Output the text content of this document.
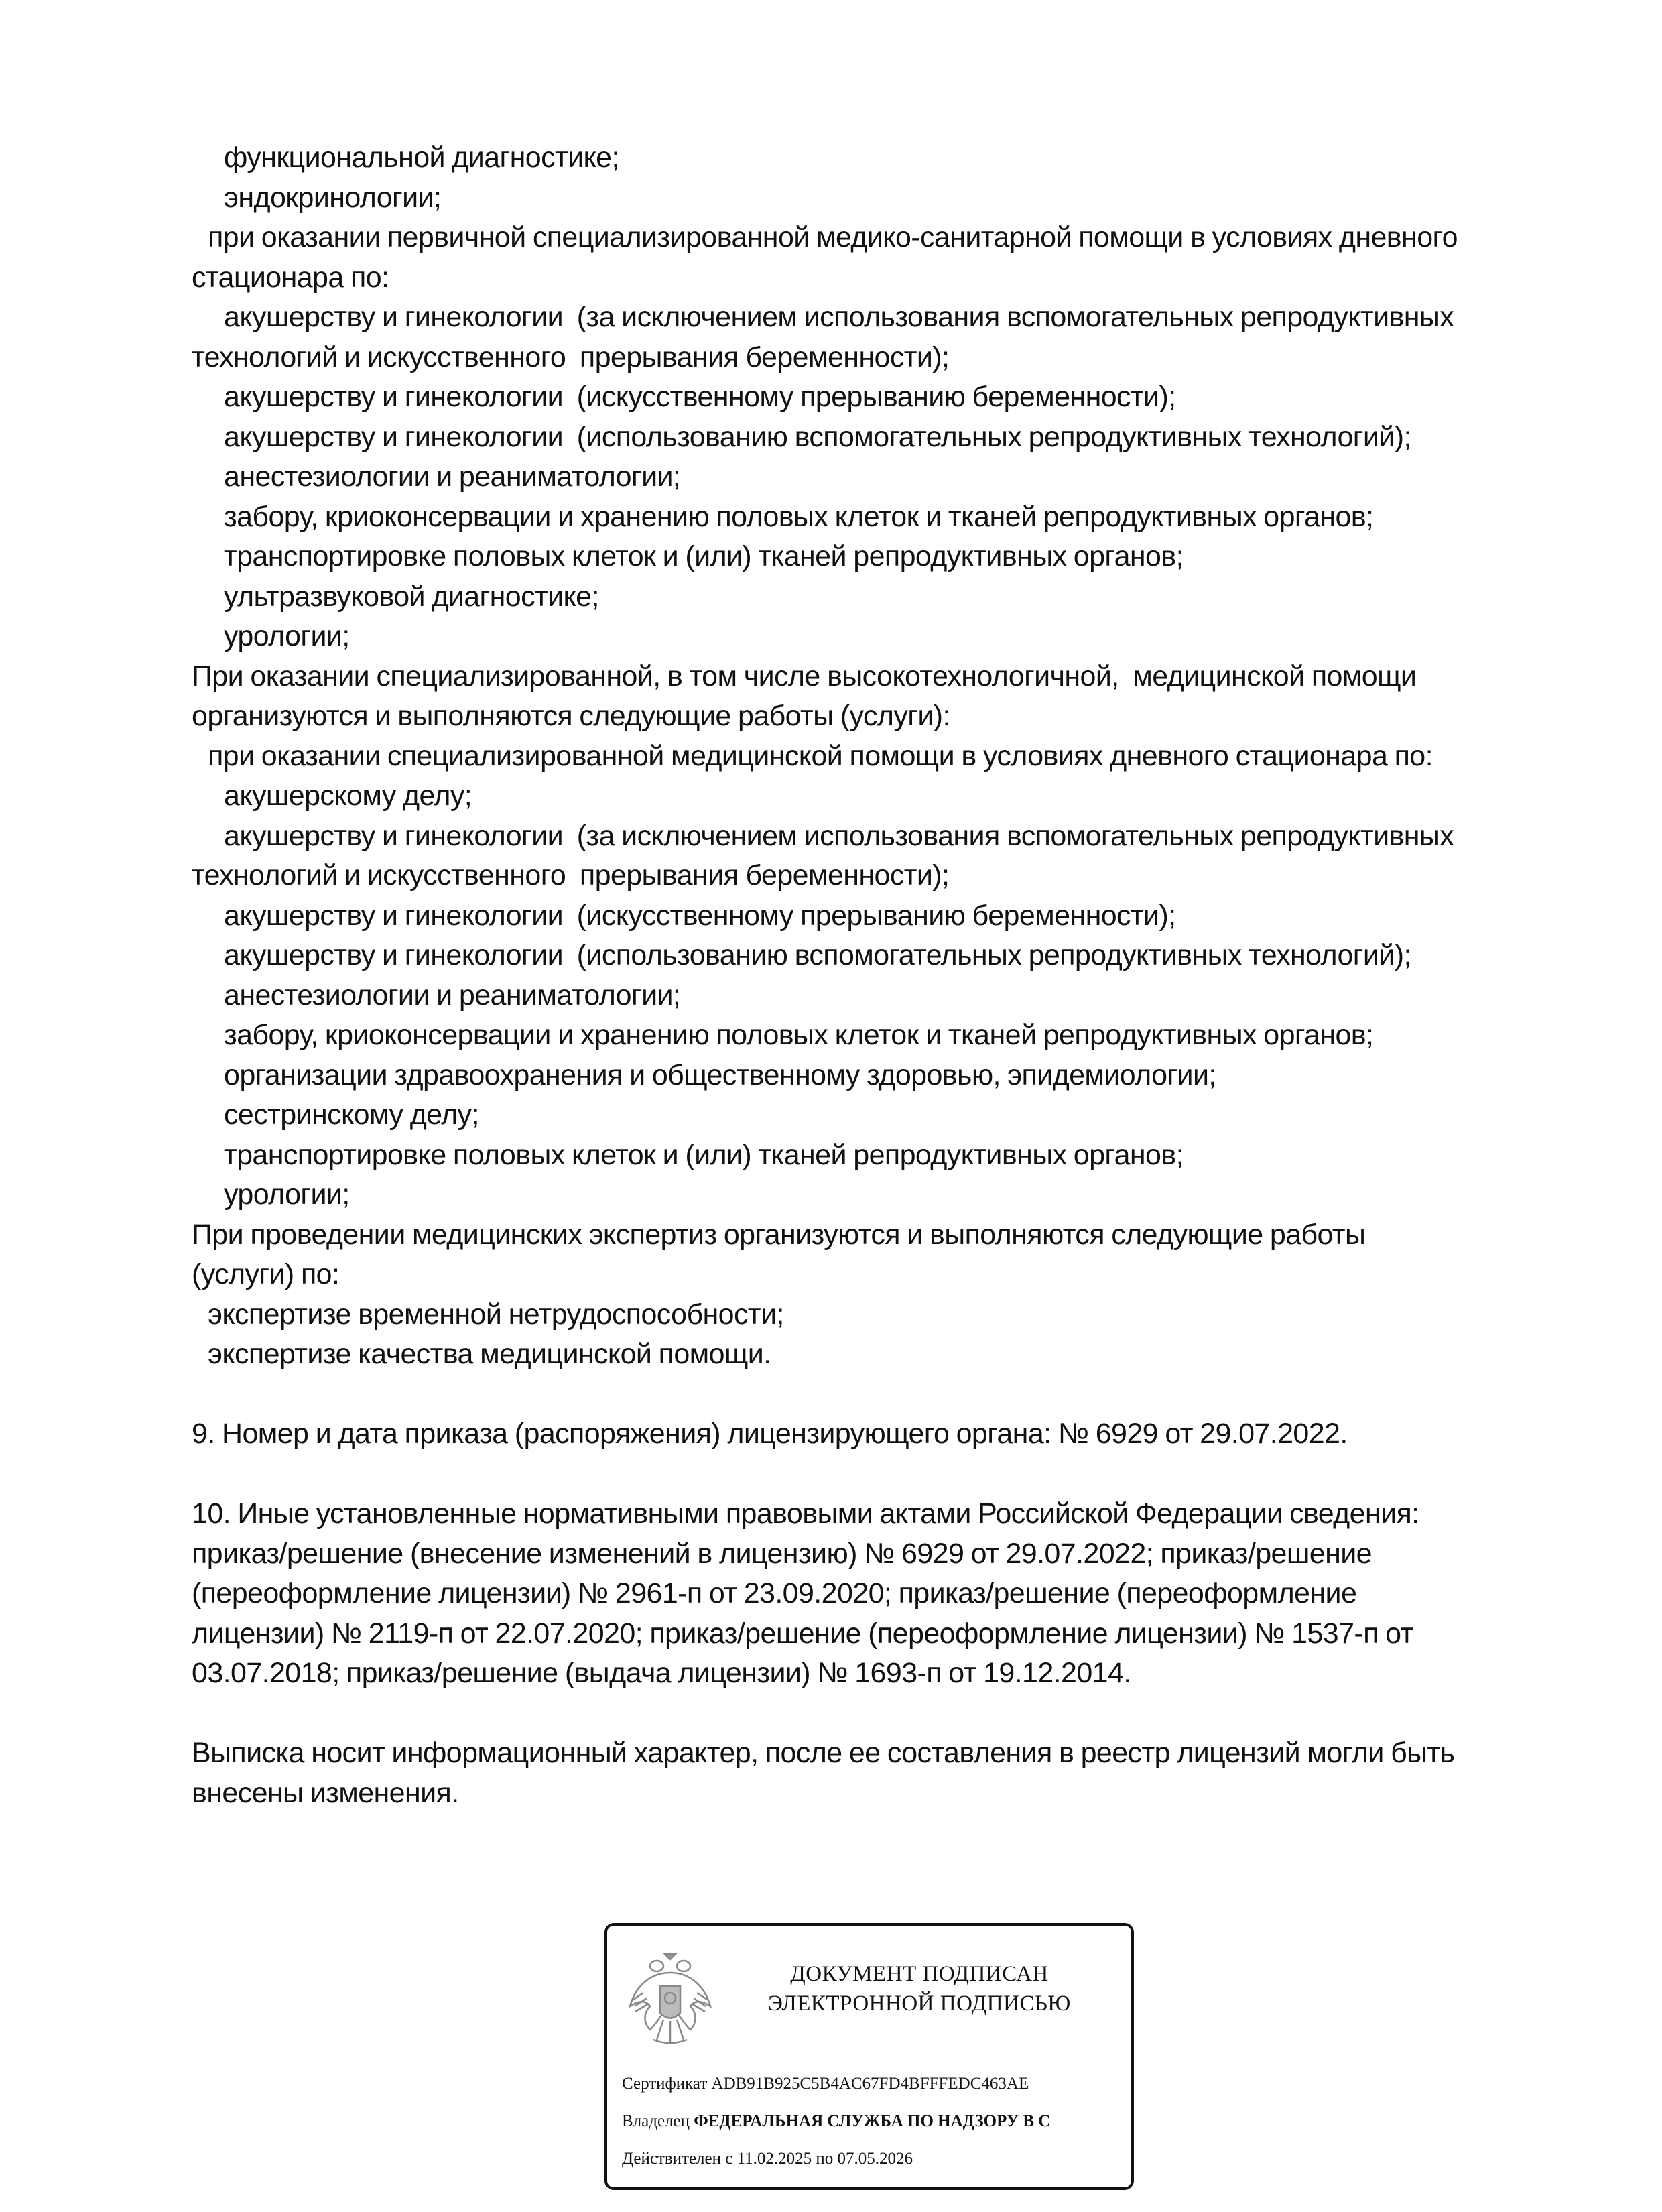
функциональной диагностике;
эндокринологии;
при оказании первичной специализированной медико-санитарной помощи в условиях дневного
стационара по:
акушерству и гинекологии  (за исключением использования вспомогательных репродуктивных
технологий и искусственного  прерывания беременности);
акушерству и гинекологии  (искусственному прерыванию беременности);
акушерству и гинекологии  (использованию вспомогательных репродуктивных технологий);
анестезиологии и реаниматологии;
забору, криоконсервации и хранению половых клеток и тканей репродуктивных органов;
транспортировке половых клеток и (или) тканей репродуктивных органов;
ультразвуковой диагностике;
урологии;
При оказании специализированной, в том числе высокотехнологичной,  медицинской помощи
организуются и выполняются следующие работы (услуги):
при оказании специализированной медицинской помощи в условиях дневного стационара по:
акушерскому делу;
акушерству и гинекологии  (за исключением использования вспомогательных репродуктивных
технологий и искусственного  прерывания беременности);
акушерству и гинекологии  (искусственному прерыванию беременности);
акушерству и гинекологии  (использованию вспомогательных репродуктивных технологий);
анестезиологии и реаниматологии;
забору, криоконсервации и хранению половых клеток и тканей репродуктивных органов;
организации здравоохранения и общественному здоровью, эпидемиологии;
сестринскому делу;
транспортировке половых клеток и (или) тканей репродуктивных органов;
урологии;
При проведении медицинских экспертиз организуются и выполняются следующие работы
(услуги) по:
экспертизе временной нетрудоспособности;
экспертизе качества медицинской помощи.
9. Номер и дата приказа (распоряжения) лицензирующего органа: № 6929 от 29.07.2022.
10. Иные установленные нормативными правовыми актами Российской Федерации сведения:
приказ/решение (внесение изменений в лицензию) № 6929 от 29.07.2022; приказ/решение
(переоформление лицензии) № 2961-п от 23.09.2020; приказ/решение (переоформление
лицензии) № 2119-п от 22.07.2020; приказ/решение (переоформление лицензии) № 1537-п от
03.07.2018; приказ/решение (выдача лицензии) № 1693-п от 19.12.2014.
Выписка носит информационный характер, после ее составления в реестр лицензий могли быть
внесены изменения.
ДОКУМЕНТ ПОДПИСАН
ЭЛЕКТРОННОЙ ПОДПИСЬЮ
Сертификат ADB91B925C5B4AC67FD4BFFFEDC463AE
Владелец ФЕДЕРАЛЬНАЯ СЛУЖБА ПО НАДЗОРУ В С
Действителен с 11.02.2025 по 07.05.2026
